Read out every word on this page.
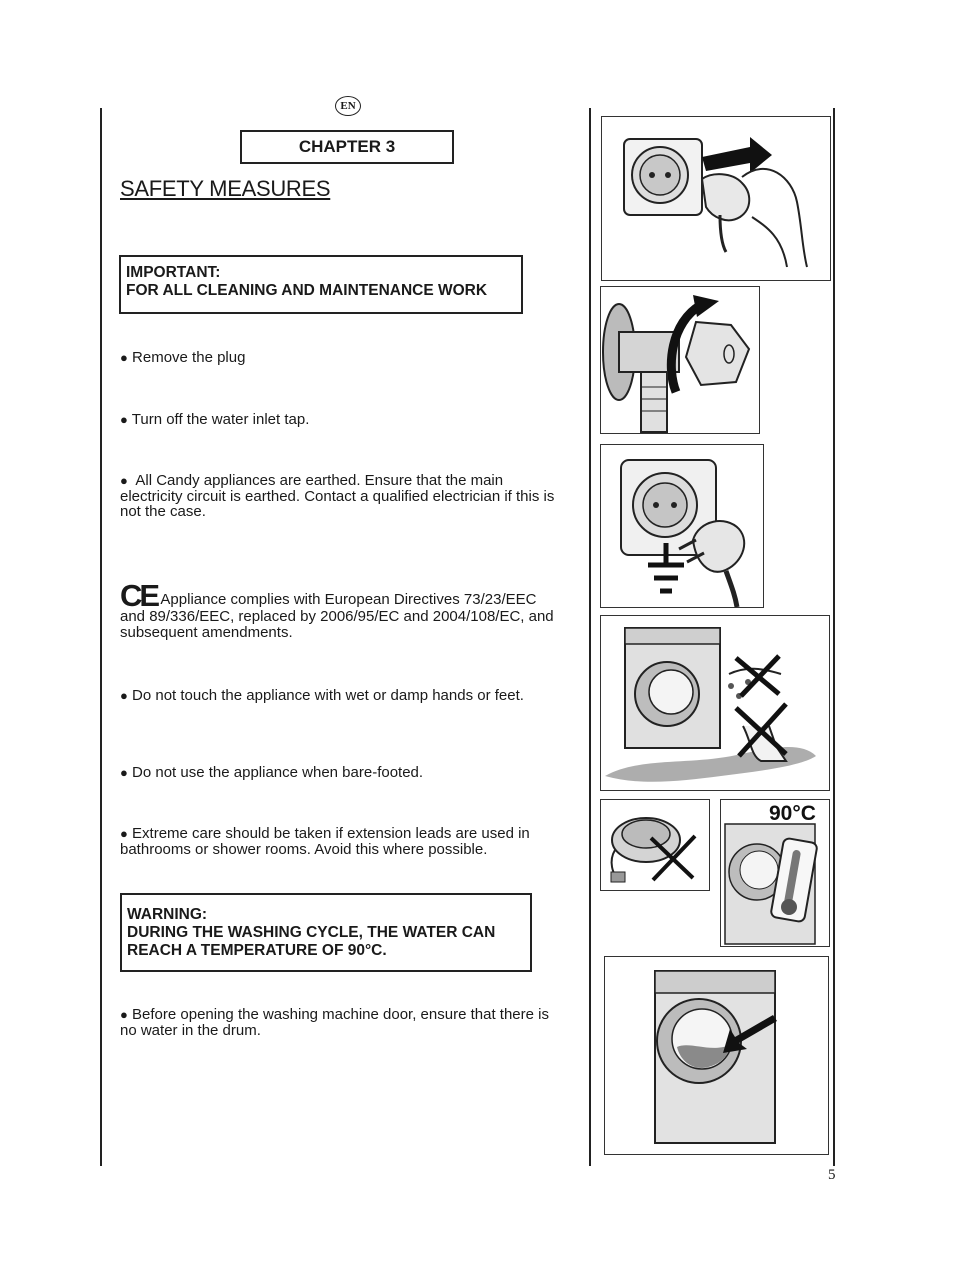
EN
CHAPTER 3
SAFETY MEASURES
IMPORTANT:
FOR ALL CLEANING AND MAINTENANCE WORK
● Remove the plug
● Turn off the water inlet tap.
● All Candy appliances are earthed. Ensure that the main electricity circuit is earthed. Contact a qualified electrician if this is not the case.
CE Appliance complies with European Directives 73/23/EEC and 89/336/EEC, replaced by 2006/95/EC and 2004/108/EC, and subsequent amendments.
● Do not touch the appliance with wet or damp hands or feet.
● Do not use the appliance when bare-footed.
● Extreme care should be taken if extension leads are used in bathrooms or shower rooms. Avoid this where possible.
WARNING:
DURING THE WASHING CYCLE, THE WATER CAN
REACH A TEMPERATURE OF 90°C.
● Before opening the washing machine door, ensure that there is no water in the drum.
90°C
5
